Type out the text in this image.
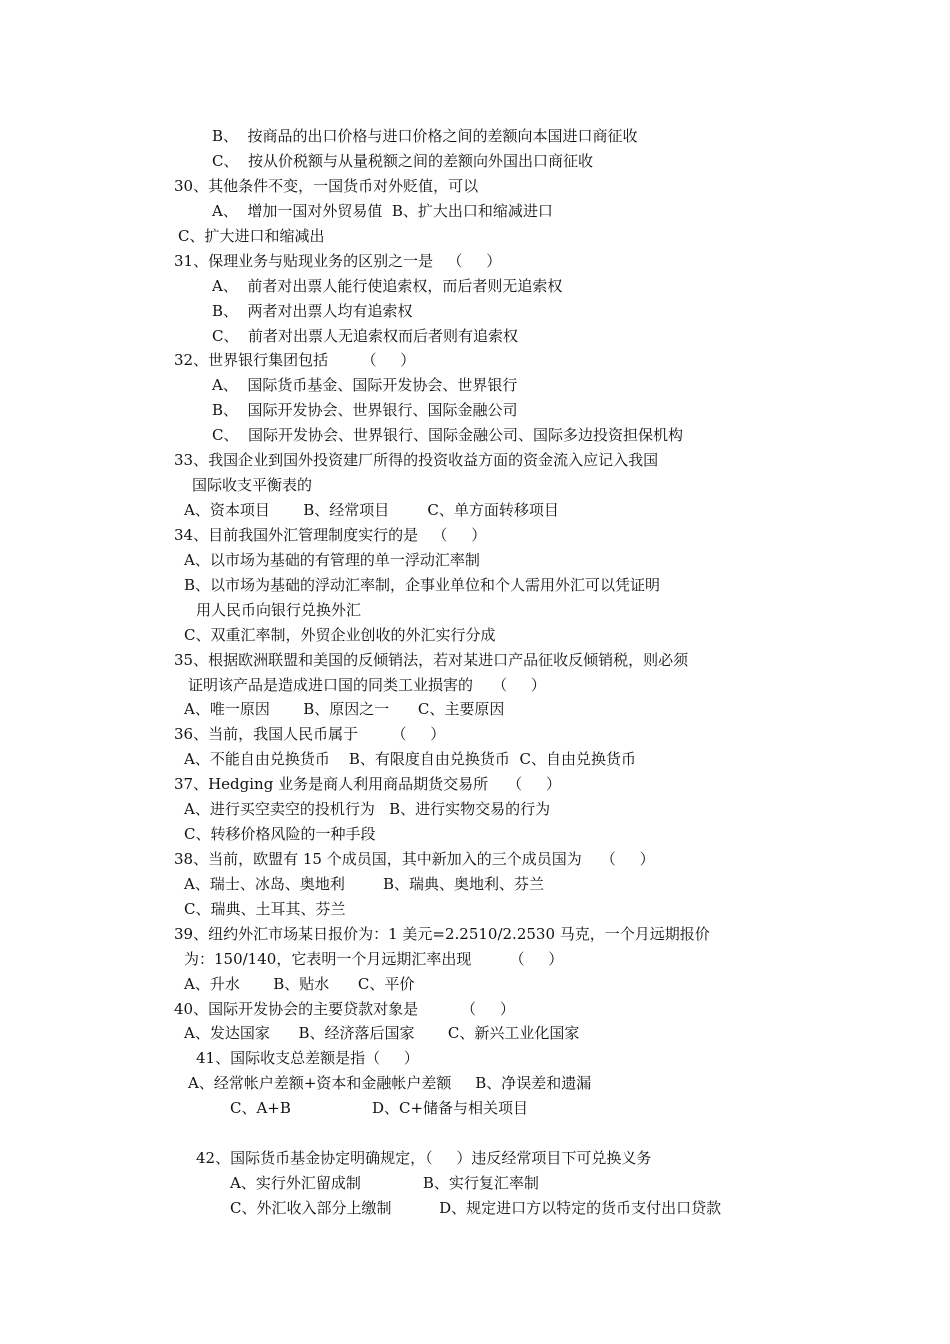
B、  按商品的出口价格与进口价格之间的差额向本国进口商征收
C、  按从价税额与从量税额之间的差额向外国出口商征收
30、其他条件不变，一国货币对外贬值，可以
A、  增加一国对外贸易值  B、扩大出口和缩减进口
C、扩大进口和缩减出
31、保理业务与贴现业务的区别之一是   （     ）
A、  前者对出票人能行使追索权，而后者则无追索权
B、  两者对出票人均有追索权
C、  前者对出票人无追索权而后者则有追索权
32、世界银行集团包括       （     ）
A、  国际货币基金、国际开发协会、世界银行
B、  国际开发协会、世界银行、国际金融公司
C、  国际开发协会、世界银行、国际金融公司、国际多边投资担保机构
33、我国企业到国外投资建厂所得的投资收益方面的资金流入应记入我国
国际收支平衡表的
A、资本项目       B、经常项目        C、单方面转移项目
34、目前我国外汇管理制度实行的是   （     ）
A、以市场为基础的有管理的单一浮动汇率制
B、以市场为基础的浮动汇率制，企事业单位和个人需用外汇可以凭证明
用人民币向银行兑换外汇
C、双重汇率制，外贸企业创收的外汇实行分成
35、根据欧洲联盟和美国的反倾销法，若对某进口产品征收反倾销税，则必须
证明该产品是造成进口国的同类工业损害的    （     ）
A、唯一原因       B、原因之一      C、主要原因
36、当前，我国人民币属于       （     ）
A、不能自由兑换货币    B、有限度自由兑换货币  C、自由兑换货币
37、Hedging 业务是商人利用商品期货交易所    （     ）
A、进行买空卖空的投机行为   B、进行实物交易的行为
C、转移价格风险的一种手段
38、当前，欧盟有 15 个成员国，其中新加入的三个成员国为    （     ）
A、瑞士、冰岛、奥地利        B、瑞典、奥地利、芬兰
C、瑞典、土耳其、芬兰
39、纽约外汇市场某日报价为：1 美元=2.2510/2.2530 马克，一个月远期报价
为：150/140，它表明一个月远期汇率出现        （     ）
A、升水       B、贴水      C、平价
40、国际开发协会的主要贷款对象是         （     ）
A、发达国家      B、经济落后国家       C、新兴工业化国家
41、国际收支总差额是指（     ）
A、经常帐户差额+资本和金融帐户差额     B、净误差和遗漏
C、A+B                 D、C+储备与相关项目
42、国际货币基金协定明确规定，（     ）违反经常项目下可兑换义务
A、实行外汇留成制             B、实行复汇率制
C、外汇收入部分上缴制          D、规定进口方以特定的货币支付出口贷款
